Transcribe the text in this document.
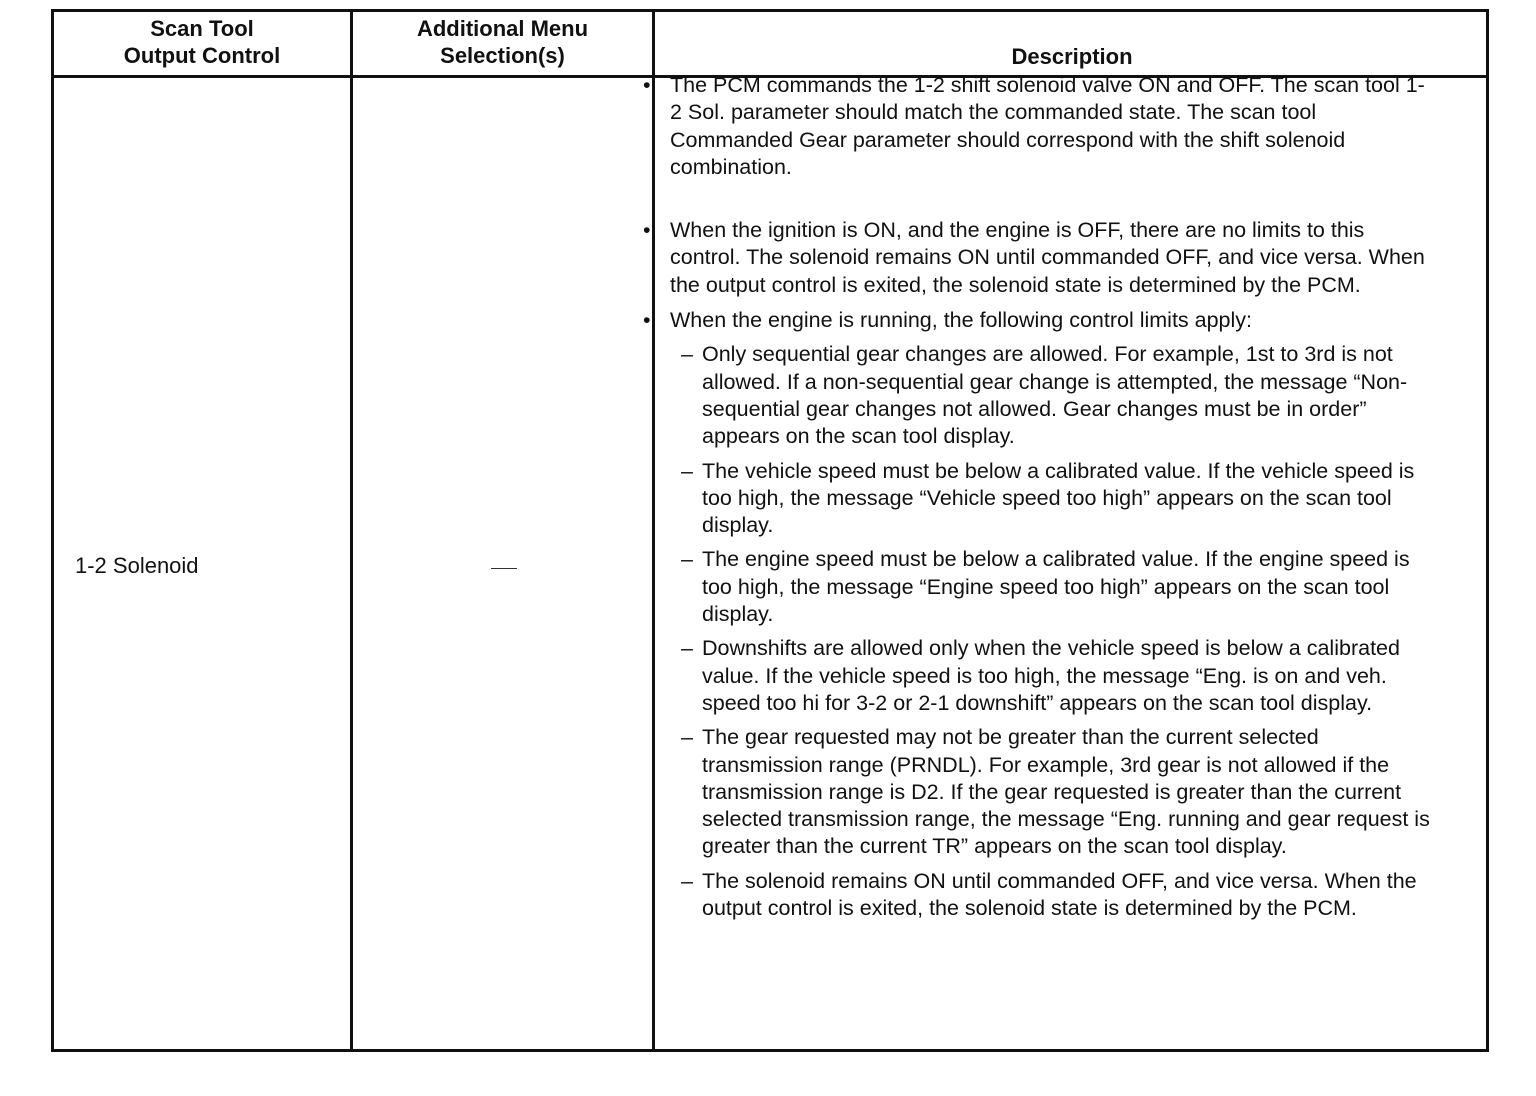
Scan Tool
Output Control
Additional Menu
Selection(s)	Description
1-2 Solenoid
• The PCM commands the 1-2 shift solenoid valve ON and OFF. The scan tool 1-2 Sol. parameter should match the commanded state. The scan tool Commanded Gear parameter should correspond with the shift solenoid combination.
• When the ignition is ON, and the engine is OFF, there are no limits to this control. The solenoid remains ON until commanded OFF, and vice versa. When the output control is exited, the solenoid state is determined by the PCM.
• When the engine is running, the following control limits apply:
– Only sequential gear changes are allowed. For example, 1st to 3rd is not allowed. If a non-sequential gear change is attempted, the message “Non-sequential gear changes not allowed. Gear changes must be in order” appears on the scan tool display.
– The vehicle speed must be below a calibrated value. If the vehicle speed is too high, the message “Vehicle speed too high” appears on the scan tool display.
– The engine speed must be below a calibrated value. If the engine speed is too high, the message “Engine speed too high” appears on the scan tool display.
– Downshifts are allowed only when the vehicle speed is below a calibrated value. If the vehicle speed is too high, the message “Eng. is on and veh. speed too hi for 3-2 or 2-1 downshift” appears on the scan tool display.
– The gear requested may not be greater than the current selected transmission range (PRNDL). For example, 3rd gear is not allowed if the transmission range is D2. If the gear requested is greater than the current selected transmission range, the message “Eng. running and gear request is greater than the current TR” appears on the scan tool display.
– The solenoid remains ON until commanded OFF, and vice versa. When the output control is exited, the solenoid state is determined by the PCM.
